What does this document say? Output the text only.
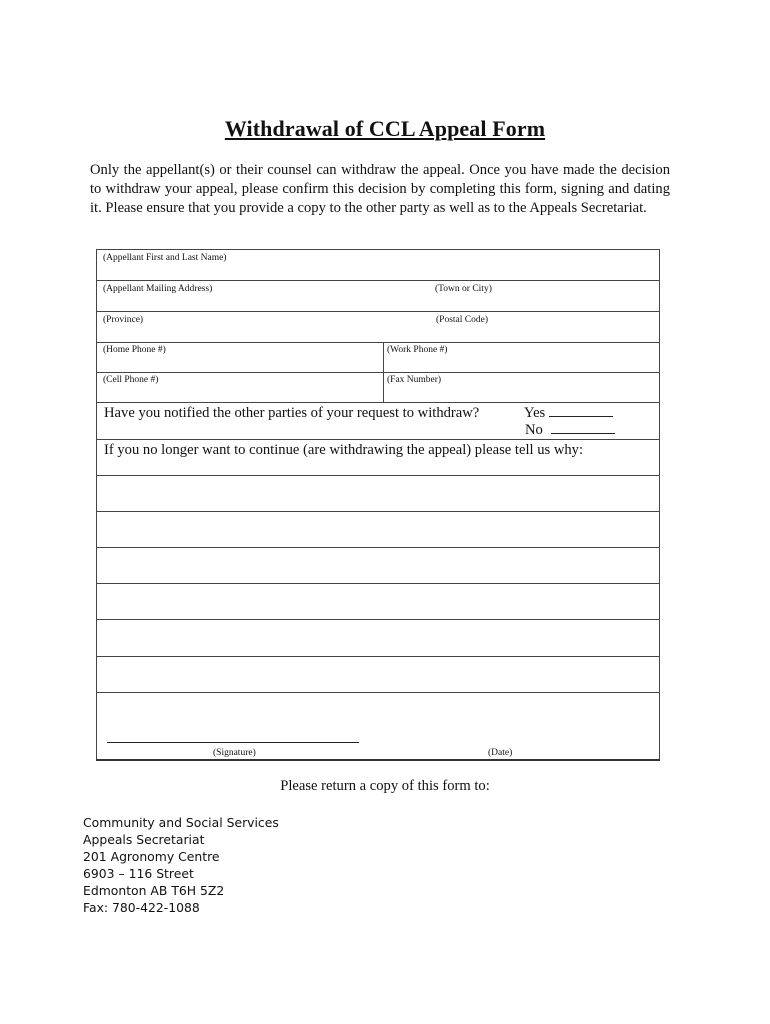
Withdrawal of CCL Appeal Form
Only the appellant(s) or their counsel can withdraw the appeal. Once you have made the decision to withdraw your appeal, please confirm this decision by completing this form, signing and dating it. Please ensure that you provide a copy to the other party as well as to the Appeals Secretariat.
(Appellant First and Last Name)
(Appellant Mailing Address)	(Town or City)
(Province)	(Postal Code)
(Home Phone #)	(Work Phone #)
(Cell Phone #)	(Fax Number)
Have you notified the other parties of your request to withdraw?	Yes
No
If you no longer want to continue (are withdrawing the appeal) please tell us why:
(Signature)	(Date)
Please return a copy of this form to:
Community and Social Services
Appeals Secretariat
201 Agronomy Centre
6903 – 116 Street
Edmonton AB T6H 5Z2
Fax: 780-422-1088
